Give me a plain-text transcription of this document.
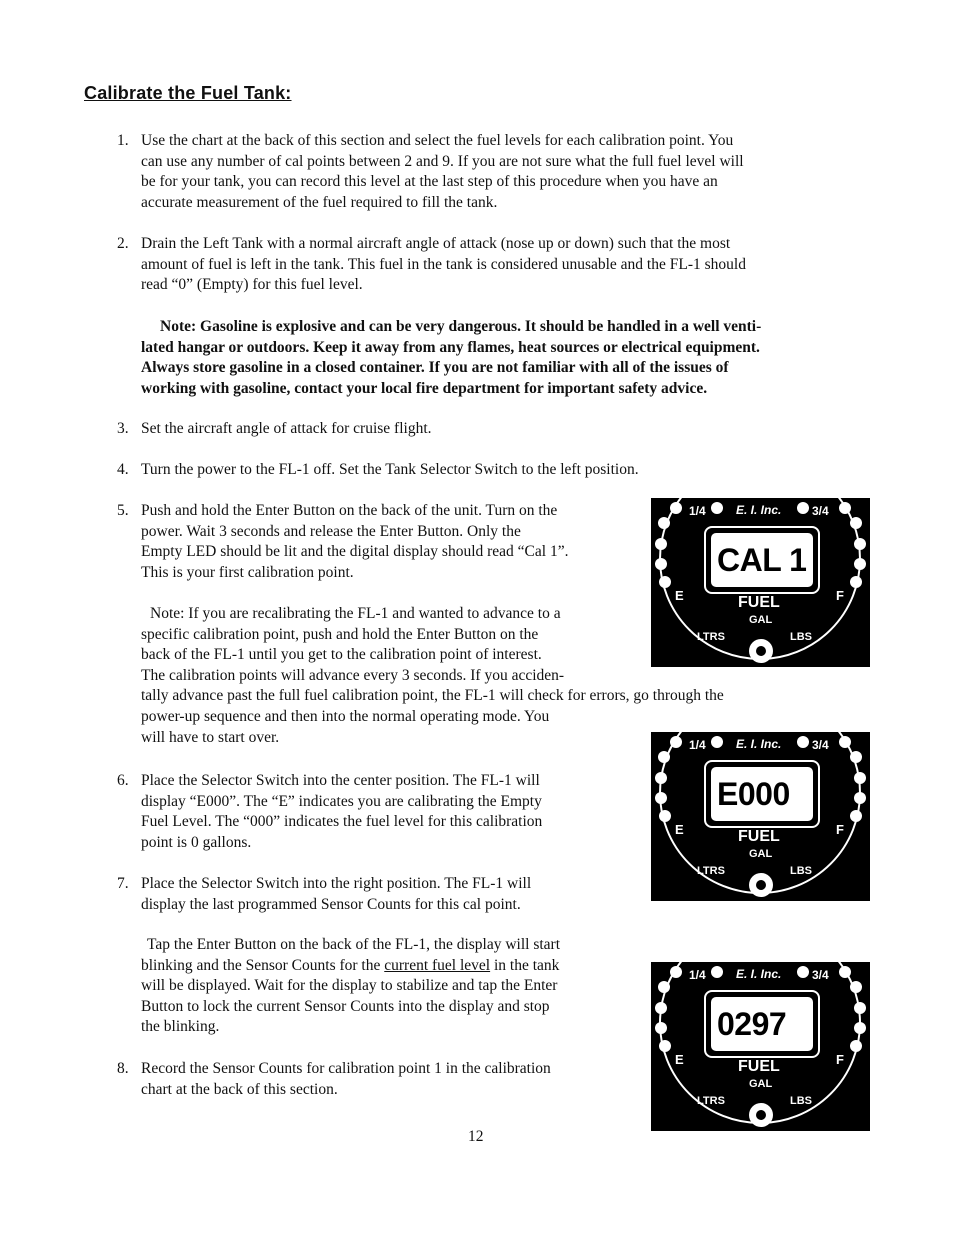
Calibrate the Fuel Tank:
1. Use the chart at the back of this section and select the fuel levels for each calibration point. You
can use any number of cal points between 2 and 9. If you are not sure what the full fuel level will
be for your tank, you can record this level at the last step of this procedure when you have an
accurate measurement of the fuel required to fill the tank.
2. Drain the Left Tank with a normal aircraft angle of attack (nose up or down) such that the most
amount of fuel is left in the tank. This fuel in the tank is considered unusable and the FL-1 should
read “0” (Empty) for this fuel level.
Note: Gasoline is explosive and can be very dangerous. It should be handled in a well venti-
lated hangar or outdoors. Keep it away from any flames, heat sources or electrical equipment.
Always store gasoline in a closed container. If you are not familiar with all of the issues of
working with gasoline, contact your local fire department for important safety advice.
3. Set the aircraft angle of attack for cruise flight.
4. Turn the power to the FL-1 off. Set the Tank Selector Switch to the left position.
5. Push and hold the Enter Button on the back of the unit. Turn on the
power. Wait 3 seconds and release the Enter Button. Only the
Empty LED should be lit and the digital display should read “Cal 1”.
This is your first calibration point.
Note: If you are recalibrating the FL-1 and wanted to advance to a
specific calibration point, push and hold the Enter Button on the
back of the FL-1 until you get to the calibration point of interest.
The calibration points will advance every 3 seconds. If you acciden-
tally advance past the full fuel calibration point, the FL-1 will check for errors, go through the
power-up sequence and then into the normal operating mode. You
will have to start over.
6. Place the Selector Switch into the center position. The FL-1 will
display “E000”. The “E” indicates you are calibrating the Empty
Fuel Level. The “000” indicates the fuel level for this calibration
point is 0 gallons.
7. Place the Selector Switch into the right position. The FL-1 will
display the last programmed Sensor Counts for this cal point.
Tap the Enter Button on the back of the FL-1, the display will start
blinking and the Sensor Counts for the current fuel level in the tank
will be displayed. Wait for the display to stabilize and tap the Enter
Button to lock the current Sensor Counts into the display and stop
the blinking.
8. Record the Sensor Counts for calibration point 1 in the calibration
chart at the back of this section.
1/4	E. I. Inc.	3/4
CAL 1
E	F
FUEL
GAL
LTRS	LBS
1/4	E. I. Inc.	3/4
E000
E	F
FUEL
GAL
LTRS	LBS
1/4	E. I. Inc.	3/4
0297
E	F
FUEL
GAL
LTRS	LBS
12
